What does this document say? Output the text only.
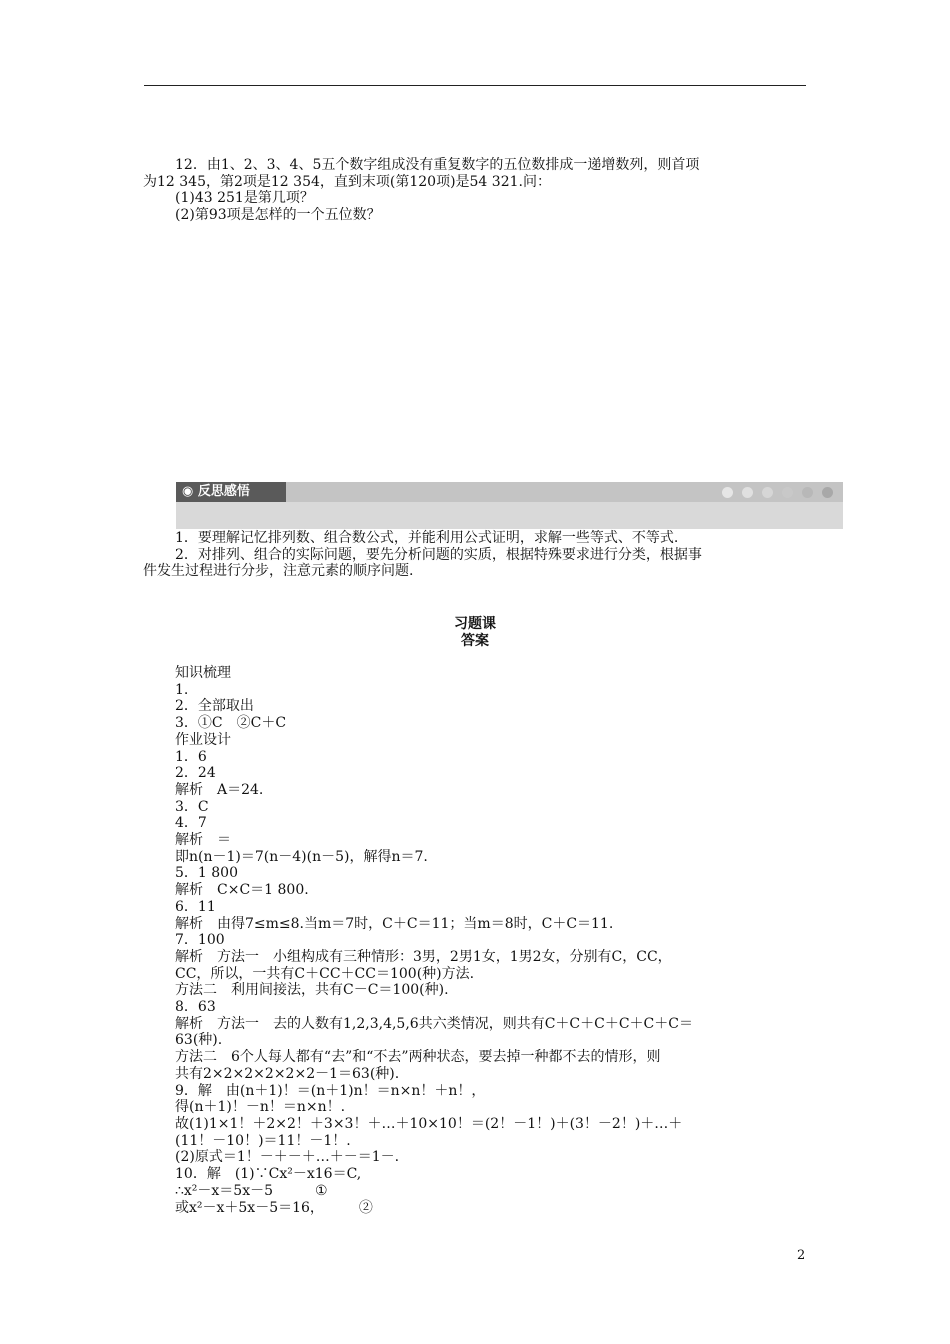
12．由1、2、3、4、5五个数字组成没有重复数字的五位数排成一递增数列，则首项

为12 345，第2项是12 354，直到末项(第120项)是54 321.问：

(1)43 251是第几项？

(2)第93项是怎样的一个五位数？

◉ 反思感悟

1．要理解记忆排列数、组合数公式，并能利用公式证明，求解一些等式、不等式.

2．对排列、组合的实际问题，要先分析问题的实质，根据特殊要求进行分类，根据事

件发生过程进行分步，注意元素的顺序问题.

习题课
答案

知识梳理

1.

2．全部取出

3．①C　②C＋C

作业设计

1．6

2．24

解析　A＝24.

3．C

4．7

解析　＝

即n(n－1)＝7(n－4)(n－5)，解得n＝7.

5．1 800

解析　C×C＝1 800.

6．11

解析　由得7≤m≤8.当m＝7时，C＋C＝11；当m＝8时，C＋C＝11.

7．100

解析　方法一　小组构成有三种情形：3男，2男1女，1男2女，分别有C，CC，

CC，所以，一共有C＋CC＋CC＝100(种)方法.

方法二　利用间接法，共有C－C＝100(种).

8．63

解析　方法一　去的人数有1,2,3,4,5,6共六类情况，则共有C＋C＋C＋C＋C＋C＝

63(种).

方法二　6个人每人都有“去”和“不去”两种状态，要去掉一种都不去的情形，则

共有2×2×2×2×2×2－1＝63(种).

9．解　由(n＋1)！＝(n＋1)n！＝n×n！＋n！，

得(n＋1)！－n！＝n×n！.

故(1)1×1！＋2×2！＋3×3！＋…＋10×10！＝(2！－1！)＋(3！－2！)＋…＋

(11！－10！)＝11！－1！.

(2)原式＝1！－＋－＋…＋－＝1－.

10．解　(1)∵Cx²－x16＝C,

∴x²－x＝5x－5　　　①

或x²－x＋5x－5＝16，　　　②

2
